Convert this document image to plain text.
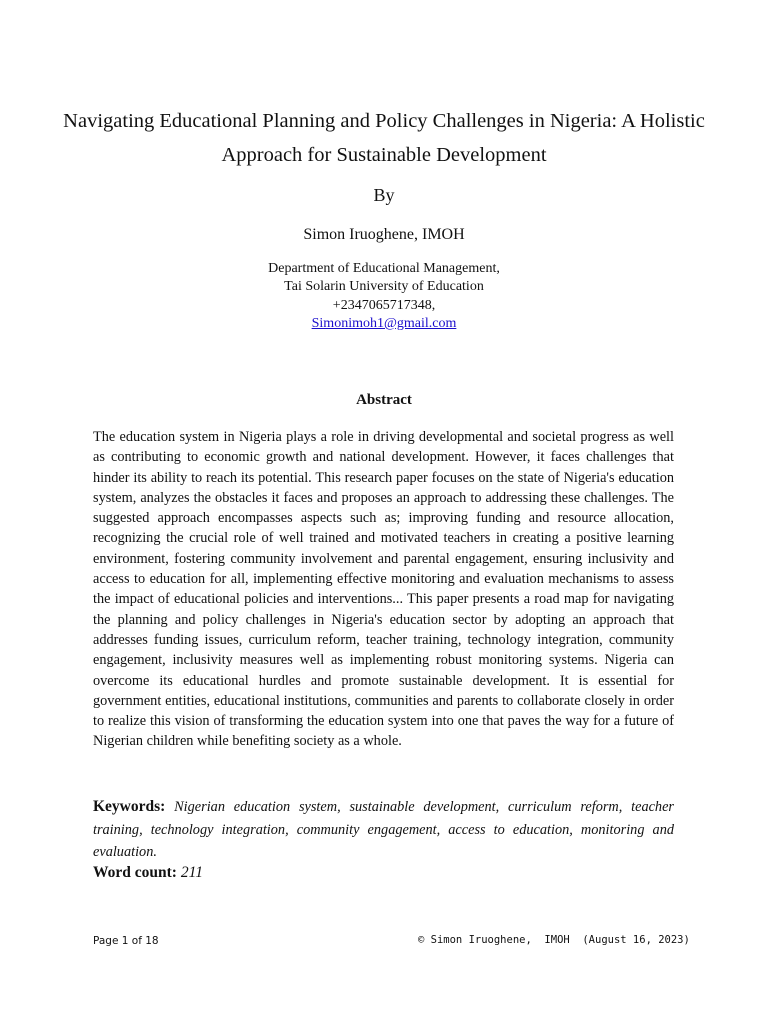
Navigating Educational Planning and Policy Challenges in Nigeria: A Holistic Approach for Sustainable Development
By
Simon Iruoghene, IMOH
Department of Educational Management,
Tai Solarin University of Education
+2347065717348,
Simonimoh1@gmail.com
Abstract

The education system in Nigeria plays a role in driving developmental and societal progress as well as contributing to economic growth and national development. However, it faces challenges that hinder its ability to reach its potential. This research paper focuses on the state of Nigeria's education system, analyzes the obstacles it faces and proposes an approach to addressing these challenges. The suggested approach encompasses aspects such as; improving funding and resource allocation, recognizing the crucial role of well trained and motivated teachers in creating a positive learning environment, fostering community involvement and parental engagement, ensuring inclusivity and access to education for all, implementing effective monitoring and evaluation mechanisms to assess the impact of educational policies and interventions... This paper presents a road map for navigating the planning and policy challenges in Nigeria's education sector by adopting an approach that addresses funding issues, curriculum reform, teacher training, technology integration, community engagement, inclusivity measures well as implementing robust monitoring systems. Nigeria can overcome its educational hurdles and promote sustainable development. It is essential for government entities, educational institutions, communities and parents to collaborate closely in order to realize this vision of transforming the education system into one that paves the way for a future of Nigerian children while benefiting society as a whole.

Keywords: Nigerian education system, sustainable development, curriculum reform, teacher training, technology integration, community engagement, access to education, monitoring and evaluation.

Word count: 211
Page 1 of 18	© Simon Iruoghene,  IMOH  (August 16, 2023)
